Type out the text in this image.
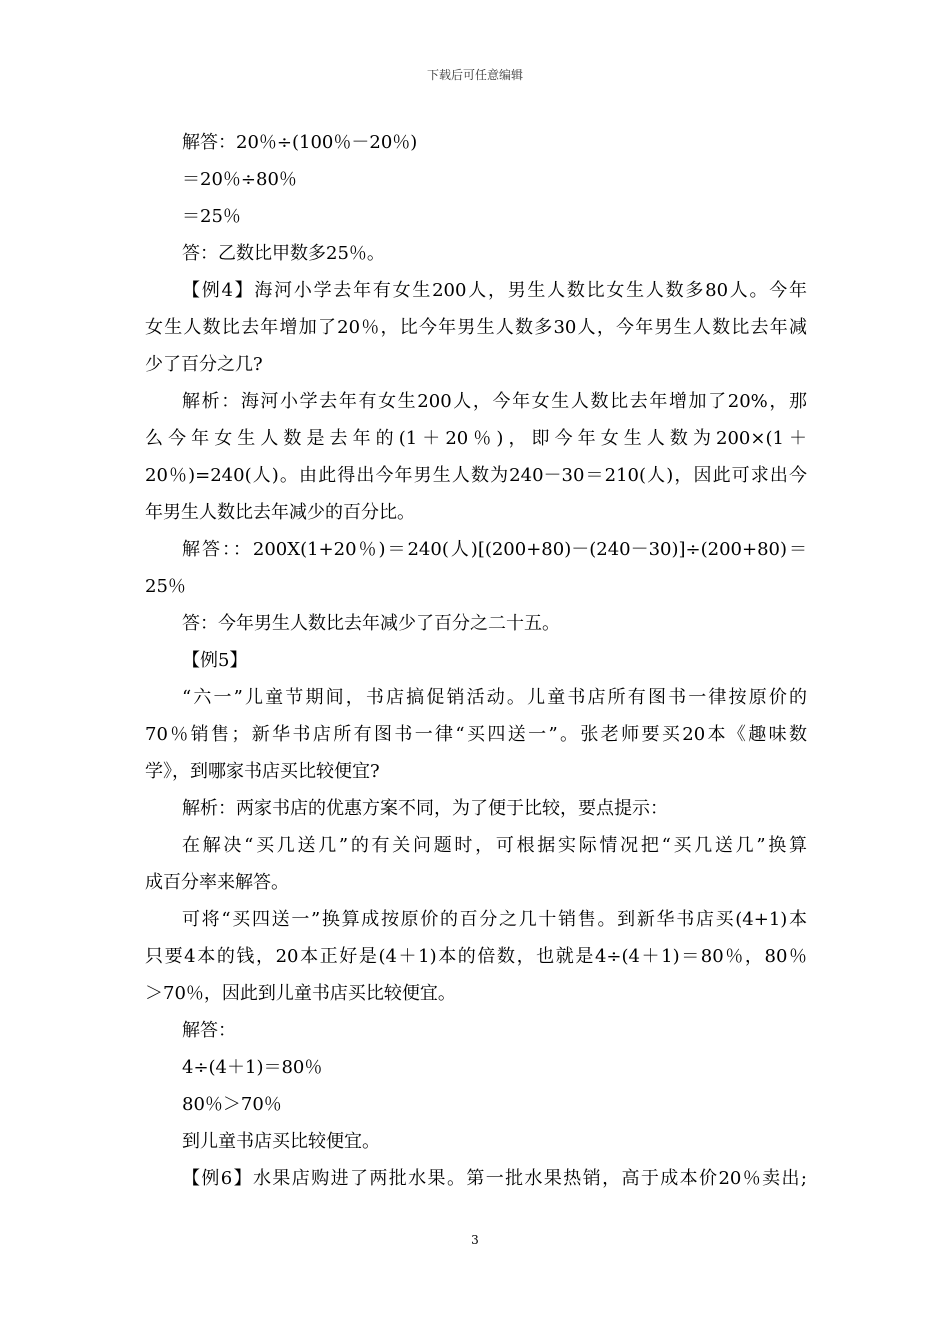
下载后可任意编辑
解答：20％÷(100％－20％)
＝20％÷80％
＝25％
答：乙数比甲数多25％。
【例4】海河小学去年有女生200人，男生人数比女生人数多80人。今年
女生人数比去年增加了20％，比今年男生人数多30人，今年男生人数比去年减
少了百分之几?
解析：海河小学去年有女生200人，今年女生人数比去年增加了20%，那
么今年女生人数是去年的(1＋20％)，即今年女生人数为200×(1＋
20％)=240(人)。由此得出今年男生人数为240－30＝210(人)，因此可求出今
年男生人数比去年减少的百分比。
解答：：200X(1+20％)＝240(人)[(200+80)－(240－30)]÷(200+80)＝
25％
答：今年男生人数比去年减少了百分之二十五。
【例5】
“六一”儿童节期间，书店搞促销活动。儿童书店所有图书一律按原价的
70％销售；新华书店所有图书一律“买四送一”。张老师要买20本《趣味数
学》，到哪家书店买比较便宜?
解析：两家书店的优惠方案不同，为了便于比较，要点提示：
在解决“买几送几”的有关问题时，可根据实际情况把“买几送几”换算
成百分率来解答。
可将“买四送一”换算成按原价的百分之几十销售。到新华书店买(4+1)本
只要4本的钱，20本正好是(4＋1)本的倍数，也就是4÷(4＋1)＝80％，80％
＞70％，因此到儿童书店买比较便宜。
解答：
4÷(4＋1)＝80％
80％＞70％
到儿童书店买比较便宜。
【例6】水果店购进了两批水果。第一批水果热销，高于成本价20％卖出;
3
